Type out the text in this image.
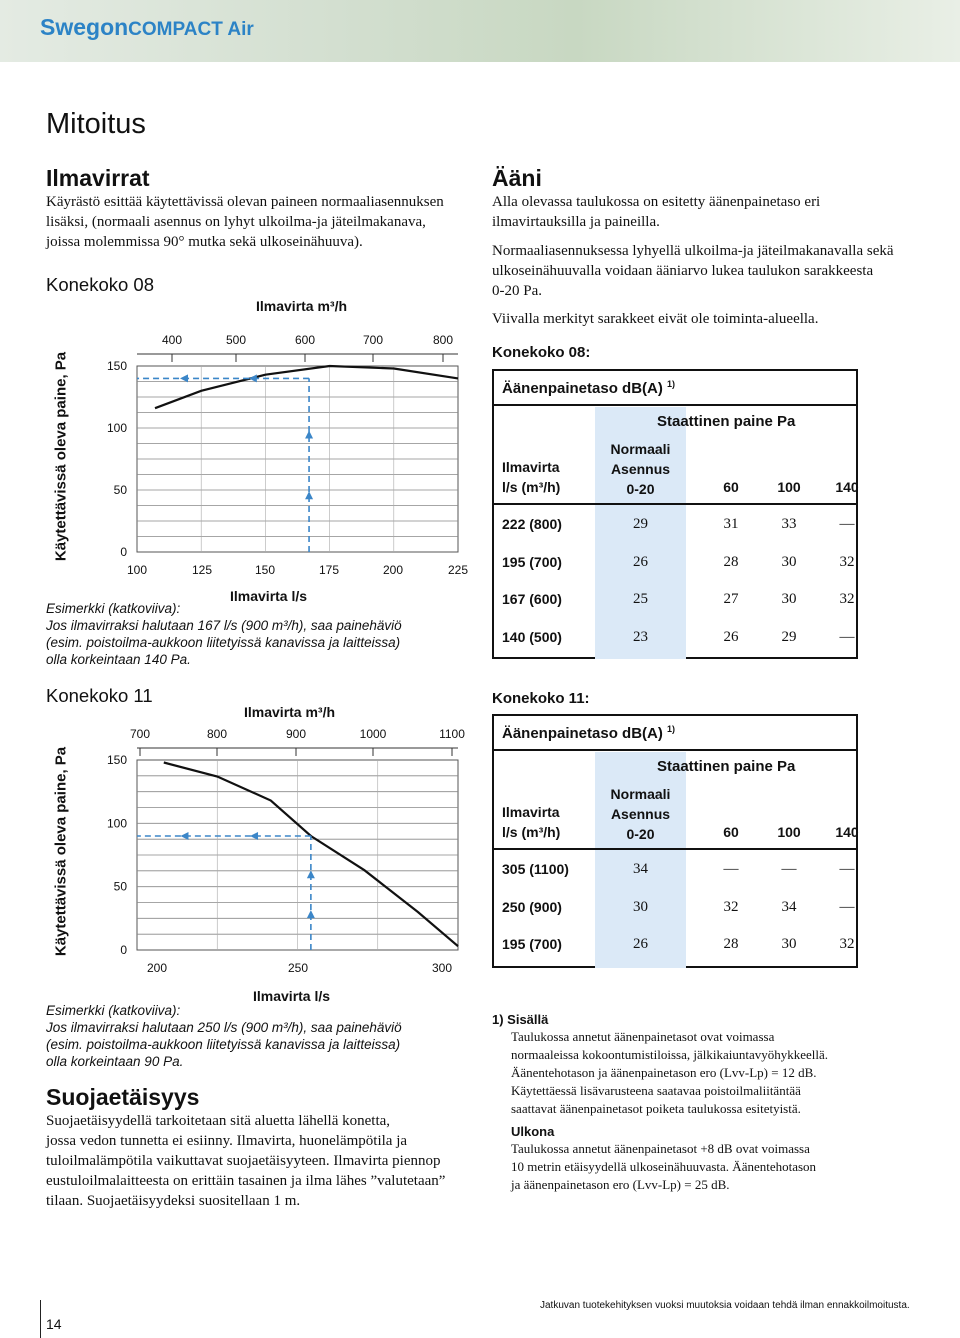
SwegonCOMPACT Air
Mitoitus
Ilmavirrat
Käyrästö esittää käytettävissä olevan paineen normaaliasennuksen
lisäksi, (normaali asennus on lyhyt ulkoilma-ja jäteilmakanava,
joissa molemmissa 90° mutka sekä ulkoseinähuuva).
Konekoko 08
Ilmavirta m³/h
Käytettävissä oleva paine, Pa
400	500	600	700	800
100	125	150	175	200	225
150
100
50
0
Ilmavirta l/s
Esimerkki (katkoviiva):
Jos ilmavirraksi halutaan 167 l/s (900 m³/h), saa painehäviö
(esim. poistoilma-aukkoon liitetyissä kanavissa ja laitteissa)
olla korkeintaan 140 Pa.
Konekoko 11
Ilmavirta m³/h
Käytettävissä oleva paine, Pa
700	800	900	1000	1100
200	250	300
150
100
50
0
Ilmavirta l/s
Esimerkki (katkoviiva):
Jos ilmavirraksi halutaan 250 l/s (900 m³/h), saa painehäviö
(esim. poistoilma-aukkoon liitetyissä kanavissa ja laitteissa)
olla korkeintaan 90 Pa.
Suojaetäisyys
Suojaetäisyydellä tarkoitetaan sitä aluetta lähellä konetta,
jossa vedon tunnetta ei esiinny. Ilmavirta, huonelämpötila ja
tuloilmalämpötila vaikuttavat suojaetäisyyteen. Ilmavirta piennop
eustuloilmalaitteesta on erittäin tasainen ja ilma lähes ”valutetaan”
tilaan. Suojaetäisyydeksi suositellaan 1 m.
Ääni
Alla olevassa taulukossa on esitetty äänenpainetaso eri
ilmavirtauksilla ja paineilla.
Normaaliasennuksessa lyhyellä ulkoilma-ja jäteilmakanavalla sekä
ulkoseinähuuvalla voidaan ääniarvo lukea taulukon sarakkeesta
0-20 Pa.
Viivalla merkityt sarakkeet eivät ole toiminta-alueella.
Konekoko 08:
Äänenpainetaso dB(A) $^{1)}$
Staattinen paine Pa
Ilmavirta
l/s (m³/h)
Normaali
Asennus
0-20	60	100	140
222 (800)	29	31	33	—
195 (700)	26	28	30	32
167 (600)	25	27	30	32
140 (500)	23	26	29	—
Konekoko 11:
Äänenpainetaso dB(A) $^{1)}$
Staattinen paine Pa
Ilmavirta
l/s (m³/h)
Normaali
Asennus
0-20	60	100	140
305 (1100)	34	—	—	—
250 (900)	30	32	34	—
195 (700)	26	28	30	32
1) Sisällä
Taulukossa annetut äänenpainetasot ovat voimassa
normaaleissa kokoontumistiloissa, jälkikaiuntavyöhykkeellä.
Äänentehotason ja äänenpainetason ero (Lvv-Lp) = 12 dB.
Käytettäessä lisävarusteena saatavaa poistoilmaliitäntää
saattavat äänenpainetasot poiketa taulukossa esitetyistä.
Ulkona
Taulukossa annetut äänenpainetasot +8 dB ovat voimassa
10 metrin etäisyydellä ulkoseinähuuvasta. Äänentehotason
ja äänenpainetason ero (Lvv-Lp) = 25 dB.
14
Jatkuvan tuotekehityksen vuoksi muutoksia voidaan tehdä ilman ennakkoilmoitusta.
